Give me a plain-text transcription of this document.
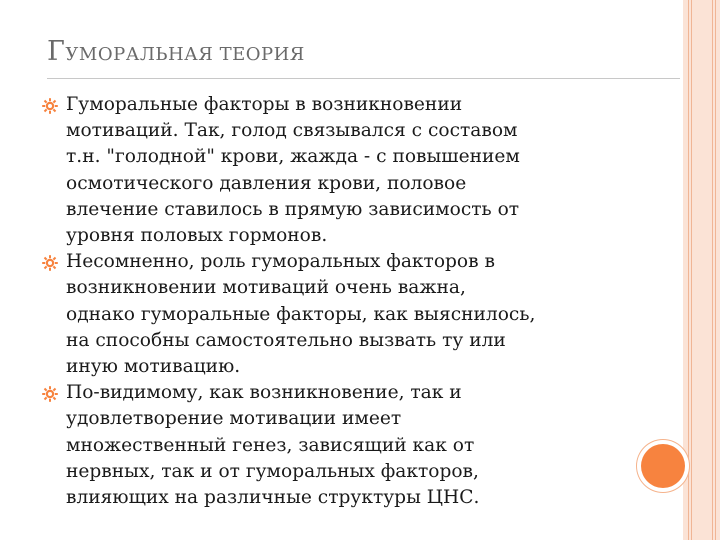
ГУМОРАЛЬНАЯ ТЕОРИЯ
Гуморальные факторы в возникновении
мотиваций. Так, голод связывался с составом
т.н. "голодной" крови, жажда - с повышением
осмотического давления крови, половое
влечение ставилось в прямую зависимость от
уровня половых гормонов.
Несомненно, роль гуморальных факторов в
возникновении мотиваций очень важна,
однако гуморальные факторы, как выяснилось,
на способны самостоятельно вызвать ту или
иную мотивацию.
По-видимому, как возникновение, так и
удовлетворение мотивации имеет
множественный генез, зависящий как от
нервных, так и от гуморальных факторов,
влияющих на различные структуры ЦНС.
